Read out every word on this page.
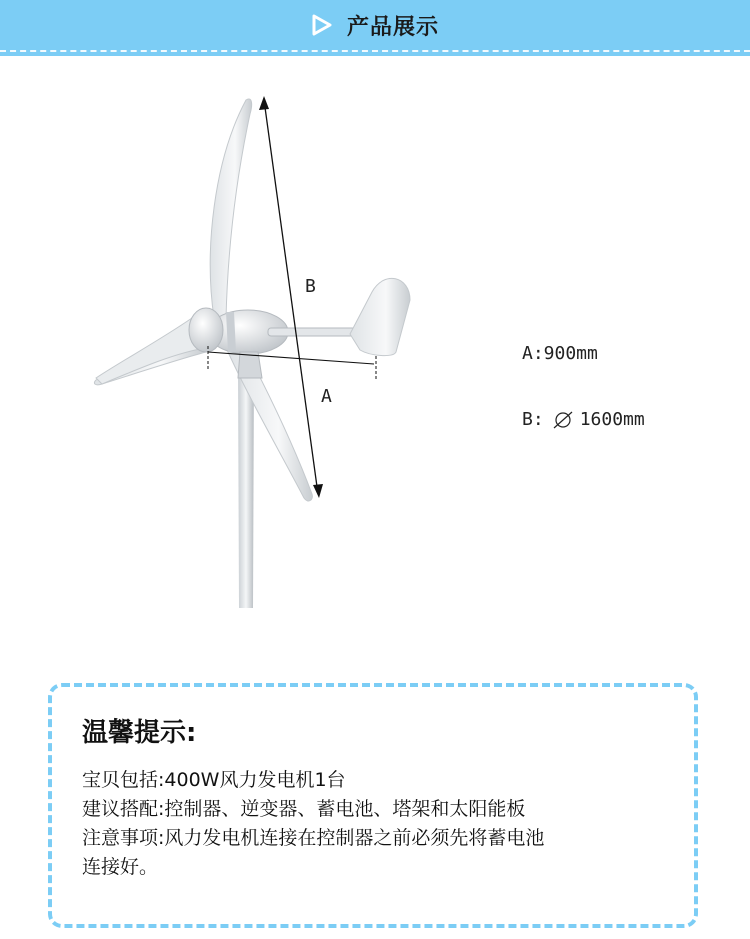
产品展示
B
A
A:900mm
B: 1600mm
温馨提示:
宝贝包括:400W风力发电机1台
建议搭配:控制器、逆变器、蓄电池、塔架和太阳能板
注意事项:风力发电机连接在控制器之前必须先将蓄电池
连接好。
